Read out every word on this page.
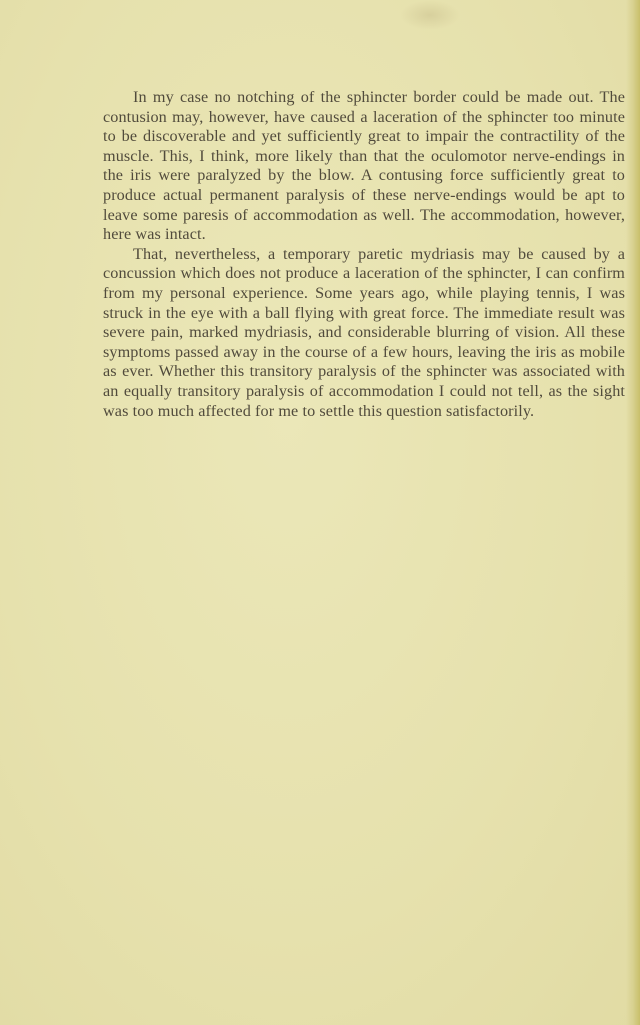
In my case no notching of the sphincter border could be made out. The contusion may, however, have caused a laceration of the sphincter too minute to be discoverable and yet sufficiently great to impair the contractility of the muscle. This, I think, more likely than that the oculomotor nerve-endings in the iris were paralyzed by the blow. A contusing force sufficiently great to produce actual permanent paralysis of these nerve-endings would be apt to leave some paresis of accommodation as well. The accommodation, however, here was intact.

That, nevertheless, a temporary paretic mydriasis may be caused by a concussion which does not produce a laceration of the sphincter, I can confirm from my personal experience. Some years ago, while playing tennis, I was struck in the eye with a ball flying with great force. The immediate result was severe pain, marked mydriasis, and considerable blurring of vision. All these symptoms passed away in the course of a few hours, leaving the iris as mobile as ever. Whether this transitory paralysis of the sphincter was associated with an equally transitory paralysis of accommodation I could not tell, as the sight was too much affected for me to settle this question satisfactorily.
